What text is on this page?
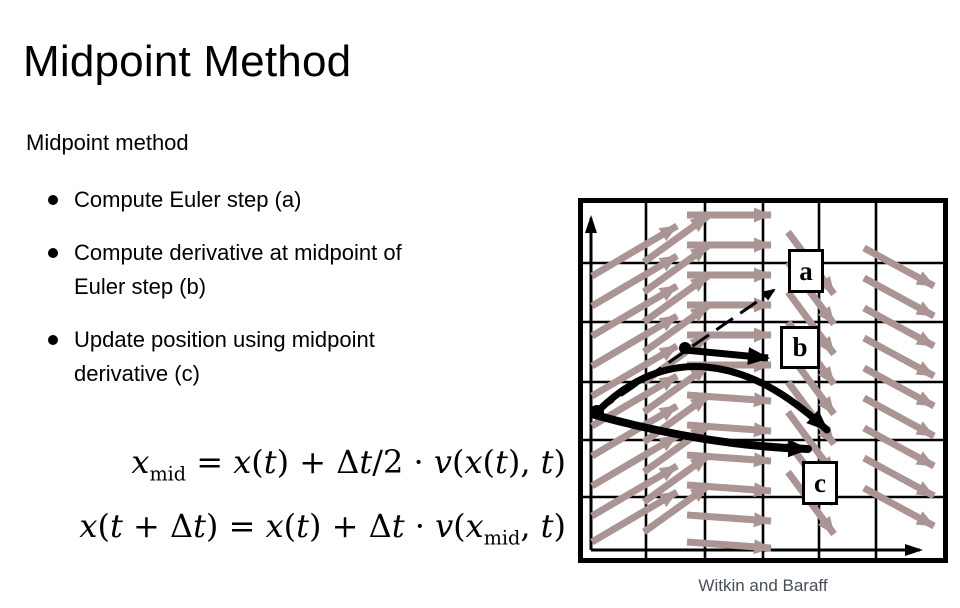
Midpoint Method
Midpoint method
Compute Euler step (a)
Compute derivative at midpoint of
Euler step (b)
Update position using midpoint
derivative (c)
$x_{mid} = x(t) + \Delta t/2 \cdot v(x(t)$, t)
$x(t + \Delta t) = x(t) + \Delta t \cdot v(x_{mid}$, t)
a
b
c
Witkin and Baraff
